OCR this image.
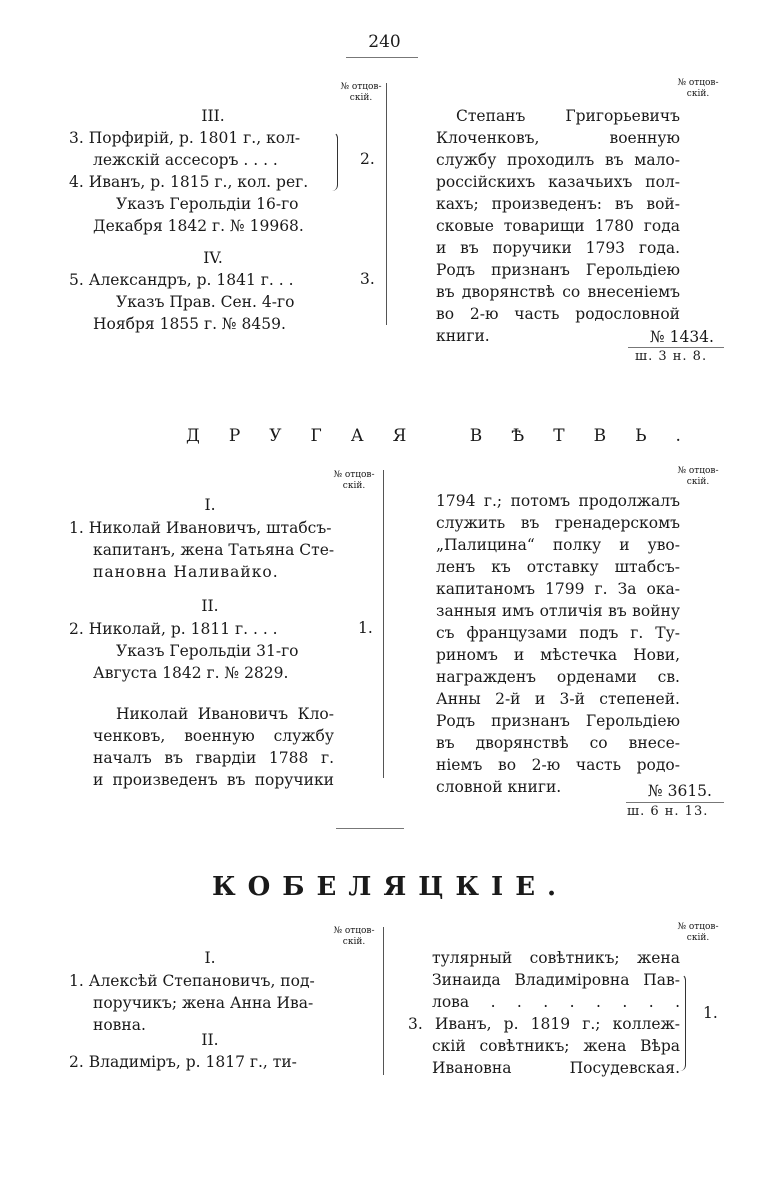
240
№ отцов-
скій.
№ отцов-
скій.
III.
3. Порфирій, р. 1801 г., кол-
лежскій ассесоръ . . . .
4. Иванъ, р. 1815 г., кол. рег.
2.
Указъ Герольдіи 16-го
Декабря 1842 г. № 19968.
IV.
5. Александръ, р. 1841 г. . .	3.
Указъ Прав. Сен. 4-го
Ноября 1855 г. № 8459.
Степанъ Григорьевичъ
Клоченковъ, военную
службу проходилъ въ мало-
россійскихъ казачьихъ пол-
кахъ; произведенъ: въ вой-
сковые товарищи 1780 года
и въ поручики 1793 года.
Родъ признанъ Герольдіею
въ дворянствѣ со внесеніемъ
во 2-ю часть родословной
книги.	№ 1434.
ш. 3 н. 8.
ДРУГАЯ ВѢТВЬ.
№ отцов-
скій.
№ отцов-
скій.
I.
1. Николай Ивановичъ, штабсъ-
капитанъ, жена Татьяна Сте-
пановна Наливайко.
II.
2. Николай, р. 1811 г. . . .	1.
Указъ Герольдіи 31-го
Августа 1842 г. № 2829.
Николай Ивановичъ Кло-
ченковъ, военную службу
началъ въ гвардіи 1788 г.
и произведенъ въ поручики
1794 г.; потомъ продолжалъ
служить въ гренадерскомъ
„Палицина“ полку и уво-
ленъ къ отставку штабсъ-
капитаномъ 1799 г. За ока-
занныя имъ отличія въ войну
съ французами подъ г. Ту-
риномъ и мѣстечка Нови,
награжденъ орденами св.
Анны 2-й и 3-й степеней.
Родъ признанъ Герольдіею
въ дворянствѣ со внесе-
ніемъ во 2-ю часть родо-
словной книги.	№ 3615.
ш. 6 н. 13.
КОБЕЛЯЦКІЕ.
№ отцов-
скій.
№ отцов-
скій.
I.
1. Алексѣй Степановичъ, под-
поручикъ; жена Анна Ива-
новна.
II.
2. Владиміръ, р. 1817 г., ти-
тулярный совѣтникъ; жена
Зинаида Владиміровна Пав-
лова . . . . . . . .
3. Иванъ, р. 1819 г.; коллеж-
скій совѣтникъ; жена Вѣра
Ивановна Посудевская.
1.
